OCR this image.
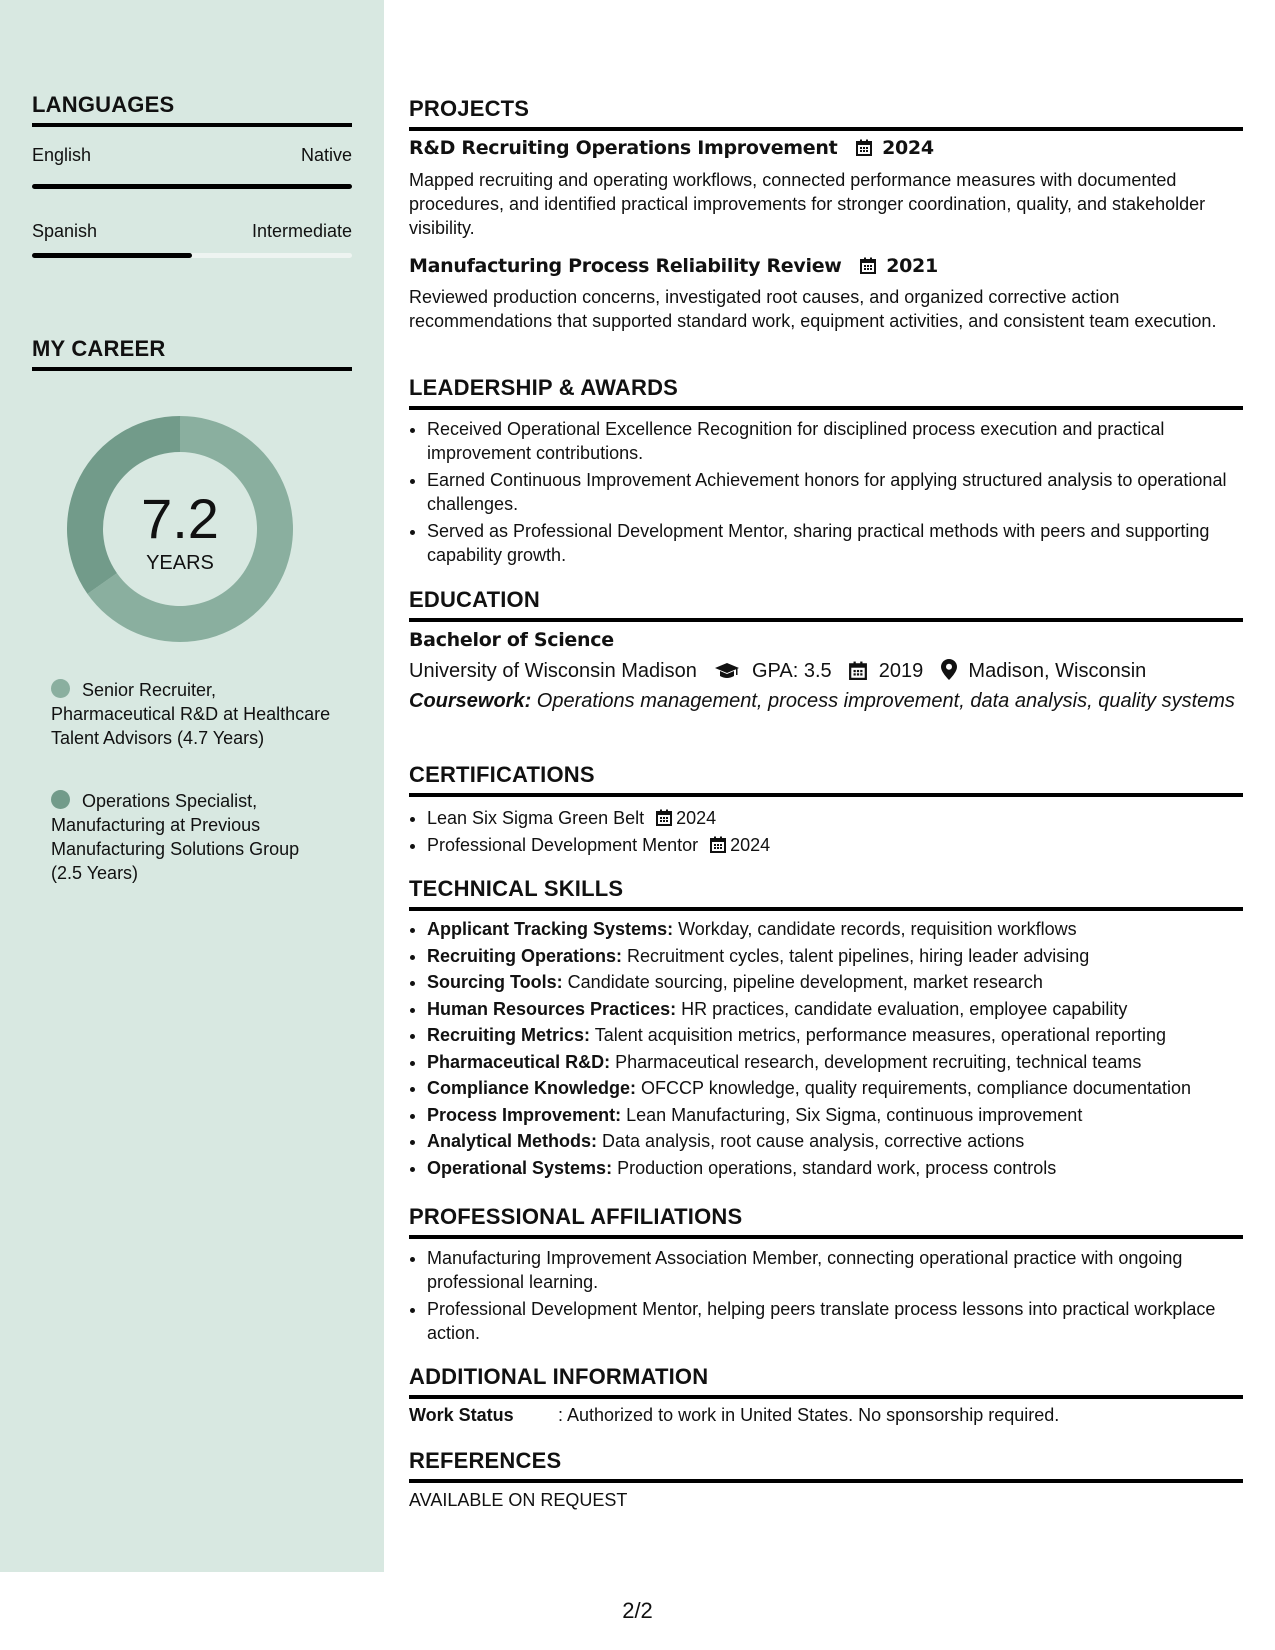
LANGUAGES
English	Native
Spanish	Intermediate
MY CAREER
7.2
YEARS
Senior Recruiter, Pharmaceutical R&D at Healthcare Talent Advisors (4.7 Years)
Operations Specialist, Manufacturing at Previous Manufacturing Solutions Group (2.5 Years)
PROJECTS
R&D Recruiting Operations Improvement 2024
Mapped recruiting and operating workflows, connected performance measures with documented procedures, and identified practical improvements for stronger coordination, quality, and stakeholder visibility.
Manufacturing Process Reliability Review 2021
Reviewed production concerns, investigated root causes, and organized corrective action recommendations that supported standard work, equipment activities, and consistent team execution.
LEADERSHIP & AWARDS
• Received Operational Excellence Recognition for disciplined process execution and practical improvement contributions.
• Earned Continuous Improvement Achievement honors for applying structured analysis to operational challenges.
• Served as Professional Development Mentor, sharing practical methods with peers and supporting capability growth.
EDUCATION
Bachelor of Science
University of Wisconsin Madison	GPA: 3.5 2019 Madison, Wisconsin
Coursework: Operations management, process improvement, data analysis, quality systems
CERTIFICATIONS
• Lean Six Sigma Green Belt 2024
• Professional Development Mentor 2024
TECHNICAL SKILLS
• Applicant Tracking Systems: Workday, candidate records, requisition workflows
• Recruiting Operations: Recruitment cycles, talent pipelines, hiring leader advising
• Sourcing Tools: Candidate sourcing, pipeline development, market research
• Human Resources Practices: HR practices, candidate evaluation, employee capability
• Recruiting Metrics: Talent acquisition metrics, performance measures, operational reporting
• Pharmaceutical R&D: Pharmaceutical research, development recruiting, technical teams
• Compliance Knowledge: OFCCP knowledge, quality requirements, compliance documentation
• Process Improvement: Lean Manufacturing, Six Sigma, continuous improvement
• Analytical Methods: Data analysis, root cause analysis, corrective actions
• Operational Systems: Production operations, standard work, process controls
PROFESSIONAL AFFILIATIONS
• Manufacturing Improvement Association Member, connecting operational practice with ongoing professional learning.
• Professional Development Mentor, helping peers translate process lessons into practical workplace action.
ADDITIONAL INFORMATION
Work Status : Authorized to work in United States. No sponsorship required.
REFERENCES
AVAILABLE ON REQUEST
2/2
